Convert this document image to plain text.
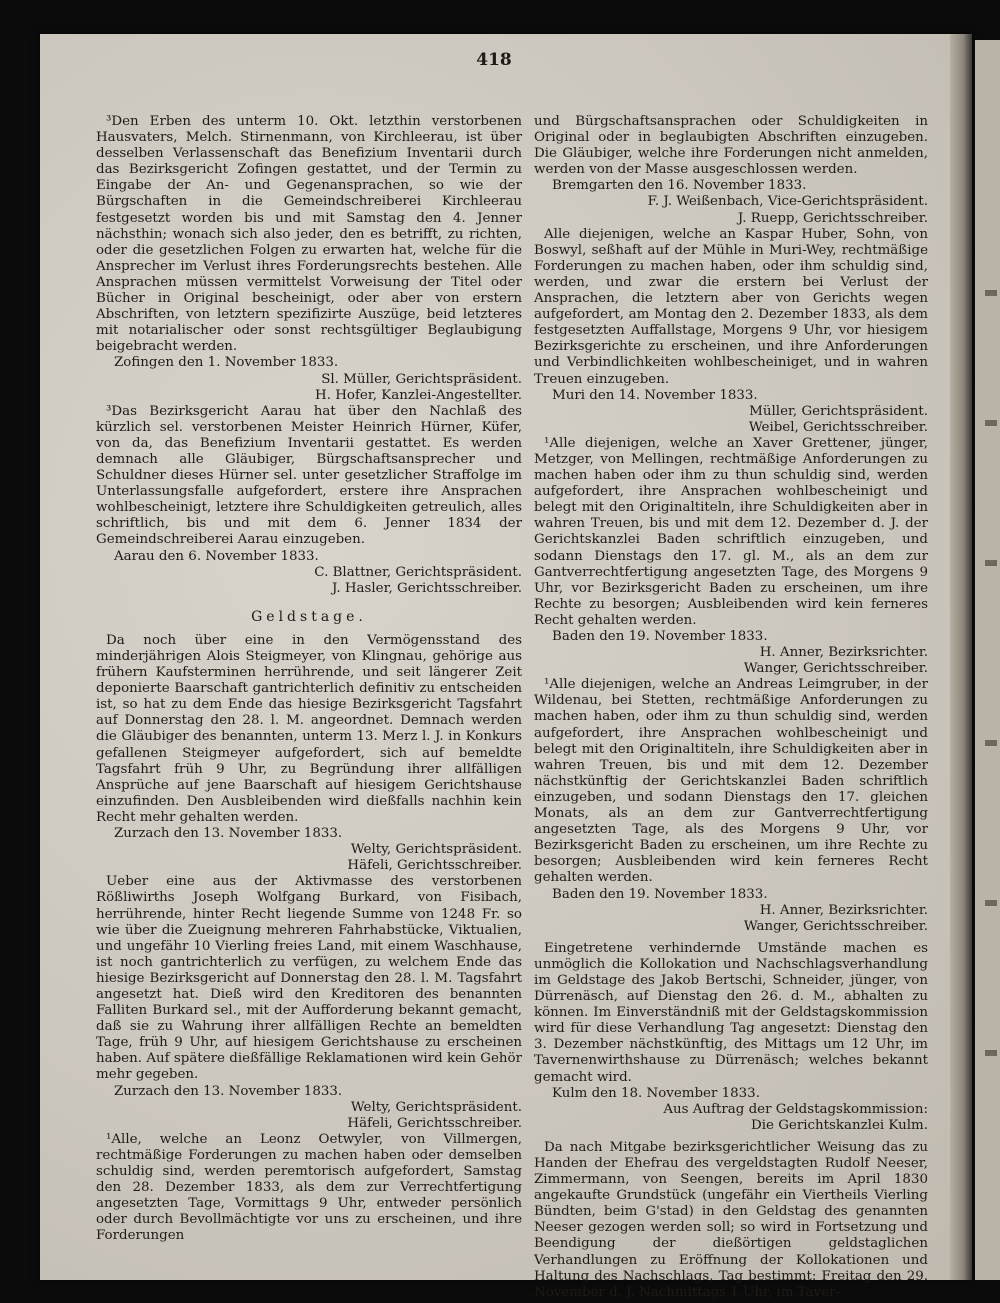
418

³Den Erben des unterm 10. Okt. letzthin verstorbenen Hausvaters, Melch. Stirnenmann, von Kirchleerau, ist über desselben Verlassenschaft das Benefizium Inventarii durch das Bezirksgericht Zofingen gestattet, und der Termin zu Eingabe der An- und Gegenansprachen, so wie der Bürgschaften in die Gemeindschreiberei Kirchleerau festgesetzt worden bis und mit Samstag den 4. Jenner nächsthin; wonach sich also jeder, den es betrifft, zu richten, oder die gesetzlichen Folgen zu erwarten hat, welche für die Ansprecher im Verlust ihres Forderungsrechts bestehen. Alle Ansprachen müssen vermittelst Vorweisung der Titel oder Bücher in Original bescheinigt, oder aber von erstern Abschriften, von letztern spezifizirte Auszüge, beid letzteres mit notarialischer oder sonst rechtsgültiger Beglaubigung beigebracht werden.

Zofingen den 1. November 1833.

Sl. Müller, Gerichtspräsident.

H. Hofer, Kanzlei-Angestellter.

³Das Bezirksgericht Aarau hat über den Nachlaß des kürzlich sel. verstorbenen Meister Heinrich Hürner, Küfer, von da, das Benefizium Inventarii gestattet. Es werden demnach alle Gläubiger, Bürgschaftsansprecher und Schuldner dieses Hürner sel. unter gesetzlicher Straffolge im Unterlassungsfalle aufgefordert, erstere ihre Ansprachen wohlbescheinigt, letztere ihre Schuldigkeiten getreulich, alles schriftlich, bis und mit dem 6. Jenner 1834 der Gemeindschreiberei Aarau einzugeben.

Aarau den 6. November 1833.

C. Blattner, Gerichtspräsident.

J. Hasler, Gerichtsschreiber.

Geldstage.

Da noch über eine in den Vermögensstand des minderjährigen Alois Steigmeyer, von Klingnau, gehörige aus frühern Kaufsterminen herrührende, und seit längerer Zeit deponierte Baarschaft gantrichterlich definitiv zu entscheiden ist, so hat zu dem Ende das hiesige Bezirksgericht Tagsfahrt auf Donnerstag den 28. l. M. angeordnet. Demnach werden die Gläubiger des benannten, unterm 13. Merz l. J. in Konkurs gefallenen Steigmeyer aufgefordert, sich auf bemeldte Tagsfahrt früh 9 Uhr, zu Begründung ihrer allfälligen Ansprüche auf jene Baarschaft auf hiesigem Gerichtshause einzufinden. Den Ausbleibenden wird dießfalls nachhin kein Recht mehr gehalten werden.

Zurzach den 13. November 1833.

Welty, Gerichtspräsident.

Häfeli, Gerichtsschreiber.

Ueber eine aus der Aktivmasse des verstorbenen Rößliwirths Joseph Wolfgang Burkard, von Fisibach, herrührende, hinter Recht liegende Summe von 1248 Fr. so wie über die Zueignung mehreren Fahrhabstücke, Viktualien, und ungefähr 10 Vierling freies Land, mit einem Waschhause, ist noch gantrichterlich zu verfügen, zu welchem Ende das hiesige Bezirksgericht auf Donnerstag den 28. l. M. Tagsfahrt angesetzt hat. Dieß wird den Kreditoren des benannten Falliten Burkard sel., mit der Aufforderung bekannt gemacht, daß sie zu Wahrung ihrer allfälligen Rechte an bemeldten Tage, früh 9 Uhr, auf hiesigem Gerichtshause zu erscheinen haben. Auf spätere dießfällige Reklamationen wird kein Gehör mehr gegeben.

Zurzach den 13. November 1833.

Welty, Gerichtspräsident.

Häfeli, Gerichtsschreiber.

¹Alle, welche an Leonz Oetwyler, von Villmergen, rechtmäßige Forderungen zu machen haben oder demselben schuldig sind, werden peremtorisch aufgefordert, Samstag den 28. Dezember 1833, als dem zur Verrechtfertigung angesetzten Tage, Vormittags 9 Uhr, entweder persönlich oder durch Bevollmächtigte vor uns zu erscheinen, und ihre Forderungen

und Bürgschaftsansprachen oder Schuldigkeiten in Original oder in beglaubigten Abschriften einzugeben. Die Gläubiger, welche ihre Forderungen nicht anmelden, werden von der Masse ausgeschlossen werden.

Bremgarten den 16. November 1833.

F. J. Weißenbach, Vice-Gerichtspräsident.

J. Ruepp, Gerichtsschreiber.

Alle diejenigen, welche an Kaspar Huber, Sohn, von Boswyl, seßhaft auf der Mühle in Muri-Wey, rechtmäßige Forderungen zu machen haben, oder ihm schuldig sind, werden, und zwar die erstern bei Verlust der Ansprachen, die letztern aber von Gerichts wegen aufgefordert, am Montag den 2. Dezember 1833, als dem festgesetzten Auffallstage, Morgens 9 Uhr, vor hiesigem Bezirksgerichte zu erscheinen, und ihre Anforderungen und Verbindlichkeiten wohlbescheiniget, und in wahren Treuen einzugeben.

Muri den 14. November 1833.

Müller, Gerichtspräsident.

Weibel, Gerichtsschreiber.

¹Alle diejenigen, welche an Xaver Grettener, jünger, Metzger, von Mellingen, rechtmäßige Anforderungen zu machen haben oder ihm zu thun schuldig sind, werden aufgefordert, ihre Ansprachen wohlbescheinigt und belegt mit den Originaltiteln, ihre Schuldigkeiten aber in wahren Treuen, bis und mit dem 12. Dezember d. J. der Gerichtskanzlei Baden schriftlich einzugeben, und sodann Dienstags den 17. gl. M., als an dem zur Gantverrechtfertigung angesetzten Tage, des Morgens 9 Uhr, vor Bezirksgericht Baden zu erscheinen, um ihre Rechte zu besorgen; Ausbleibenden wird kein ferneres Recht gehalten werden.

Baden den 19. November 1833.

H. Anner, Bezirksrichter.

Wanger, Gerichtsschreiber.

¹Alle diejenigen, welche an Andreas Leimgruber, in der Wildenau, bei Stetten, rechtmäßige Anforderungen zu machen haben, oder ihm zu thun schuldig sind, werden aufgefordert, ihre Ansprachen wohlbescheinigt und belegt mit den Originaltiteln, ihre Schuldigkeiten aber in wahren Treuen, bis und mit dem 12. Dezember nächstkünftig der Gerichtskanzlei Baden schriftlich einzugeben, und sodann Dienstags den 17. gleichen Monats, als an dem zur Gantverrechtfertigung angesetzten Tage, als des Morgens 9 Uhr, vor Bezirksgericht Baden zu erscheinen, um ihre Rechte zu besorgen; Ausbleibenden wird kein ferneres Recht gehalten werden.

Baden den 19. November 1833.

H. Anner, Bezirksrichter.

Wanger, Gerichtsschreiber.

Eingetretene verhindernde Umstände machen es unmöglich die Kollokation und Nachschlagsverhandlung im Geldstage des Jakob Bertschi, Schneider, jünger, von Dürrenäsch, auf Dienstag den 26. d. M., abhalten zu können. Im Einverständniß mit der Geldstagskommission wird für diese Verhandlung Tag angesetzt: Dienstag den 3. Dezember nächstkünftig, des Mittags um 12 Uhr, im Tavernenwirthshause zu Dürrenäsch; welches bekannt gemacht wird.

Kulm den 18. November 1833.

Aus Auftrag der Geldstagskommission:

Die Gerichtskanzlei Kulm.

Da nach Mitgabe bezirksgerichtlicher Weisung das zu Handen der Ehefrau des vergeldstagten Rudolf Neeser, Zimmermann, von Seengen, bereits im April 1830 angekaufte Grundstück (ungefähr ein Viertheils Vierling Bündten, beim G'stad) in den Geldstag des genannten Neeser gezogen werden soll; so wird in Fortsetzung und Beendigung der dießörtigen geldstaglichen Verhandlungen zu Eröffnung der Kollokationen und Haltung des Nachschlags, Tag bestimmt: Freitag den 29. November d. J. Nachmittags 1 Uhr, im Taver-
